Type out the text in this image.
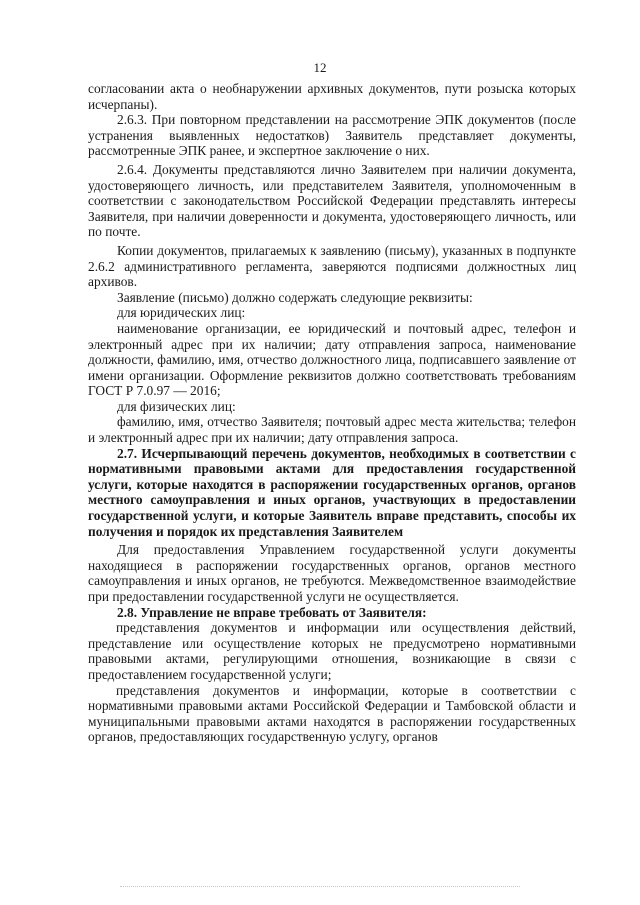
12

согласовании акта о необнаружении архивных документов, пути розыска которых исчерпаны).

2.6.3. При повторном представлении на рассмотрение ЭПК документов (после устранения выявленных недостатков) Заявитель представляет документы, рассмотренные ЭПК ранее, и экспертное заключение о них.

2.6.4. Документы представляются лично Заявителем при наличии документа, удостоверяющего личность, или представителем Заявителя, уполномоченным в соответствии с законодательством Российской Федерации представлять интересы Заявителя, при наличии доверенности и документа, удостоверяющего личность, или по почте.

Копии документов, прилагаемых к заявлению (письму), указанных в подпункте 2.6.2 административного регламента, заверяются подписями должностных лиц архивов.

Заявление (письмо) должно содержать следующие реквизиты:

для юридических лиц:

наименование организации, ее юридический и почтовый адрес, телефон и электронный адрес при их наличии; дату отправления запроса, наименование должности, фамилию, имя, отчество должностного лица, подписавшего заявление от имени организации. Оформление реквизитов должно соответствовать требованиям ГОСТ Р 7.0.97 — 2016;

для физических лиц:

фамилию, имя, отчество Заявителя; почтовый адрес места жительства; телефон и электронный адрес при их наличии; дату отправления запроса.

2.7. Исчерпывающий перечень документов, необходимых в соответствии с нормативными правовыми актами для предоставления государственной услуги, которые находятся в распоряжении государственных органов, органов местного самоуправления и иных органов, участвующих в предоставлении государственной услуги, и которые Заявитель вправе представить, способы их получения и порядок их представления Заявителем

Для предоставления Управлением государственной услуги документы находящиеся в распоряжении государственных органов, органов местного самоуправления и иных органов, не требуются. Межведомственное взаимодействие при предоставлении государственной услуги не осуществляется.

2.8. Управление не вправе требовать от Заявителя:

представления документов и информации или осуществления действий, представление или осуществление которых не предусмотрено нормативными правовыми актами, регулирующими отношения, возникающие в связи с предоставлением государственной услуги;

представления документов и информации, которые в соответствии с нормативными правовыми актами Российской Федерации и Тамбовской области и муниципальными правовыми актами находятся в распоряжении государственных органов, предоставляющих государственную услугу, органов
